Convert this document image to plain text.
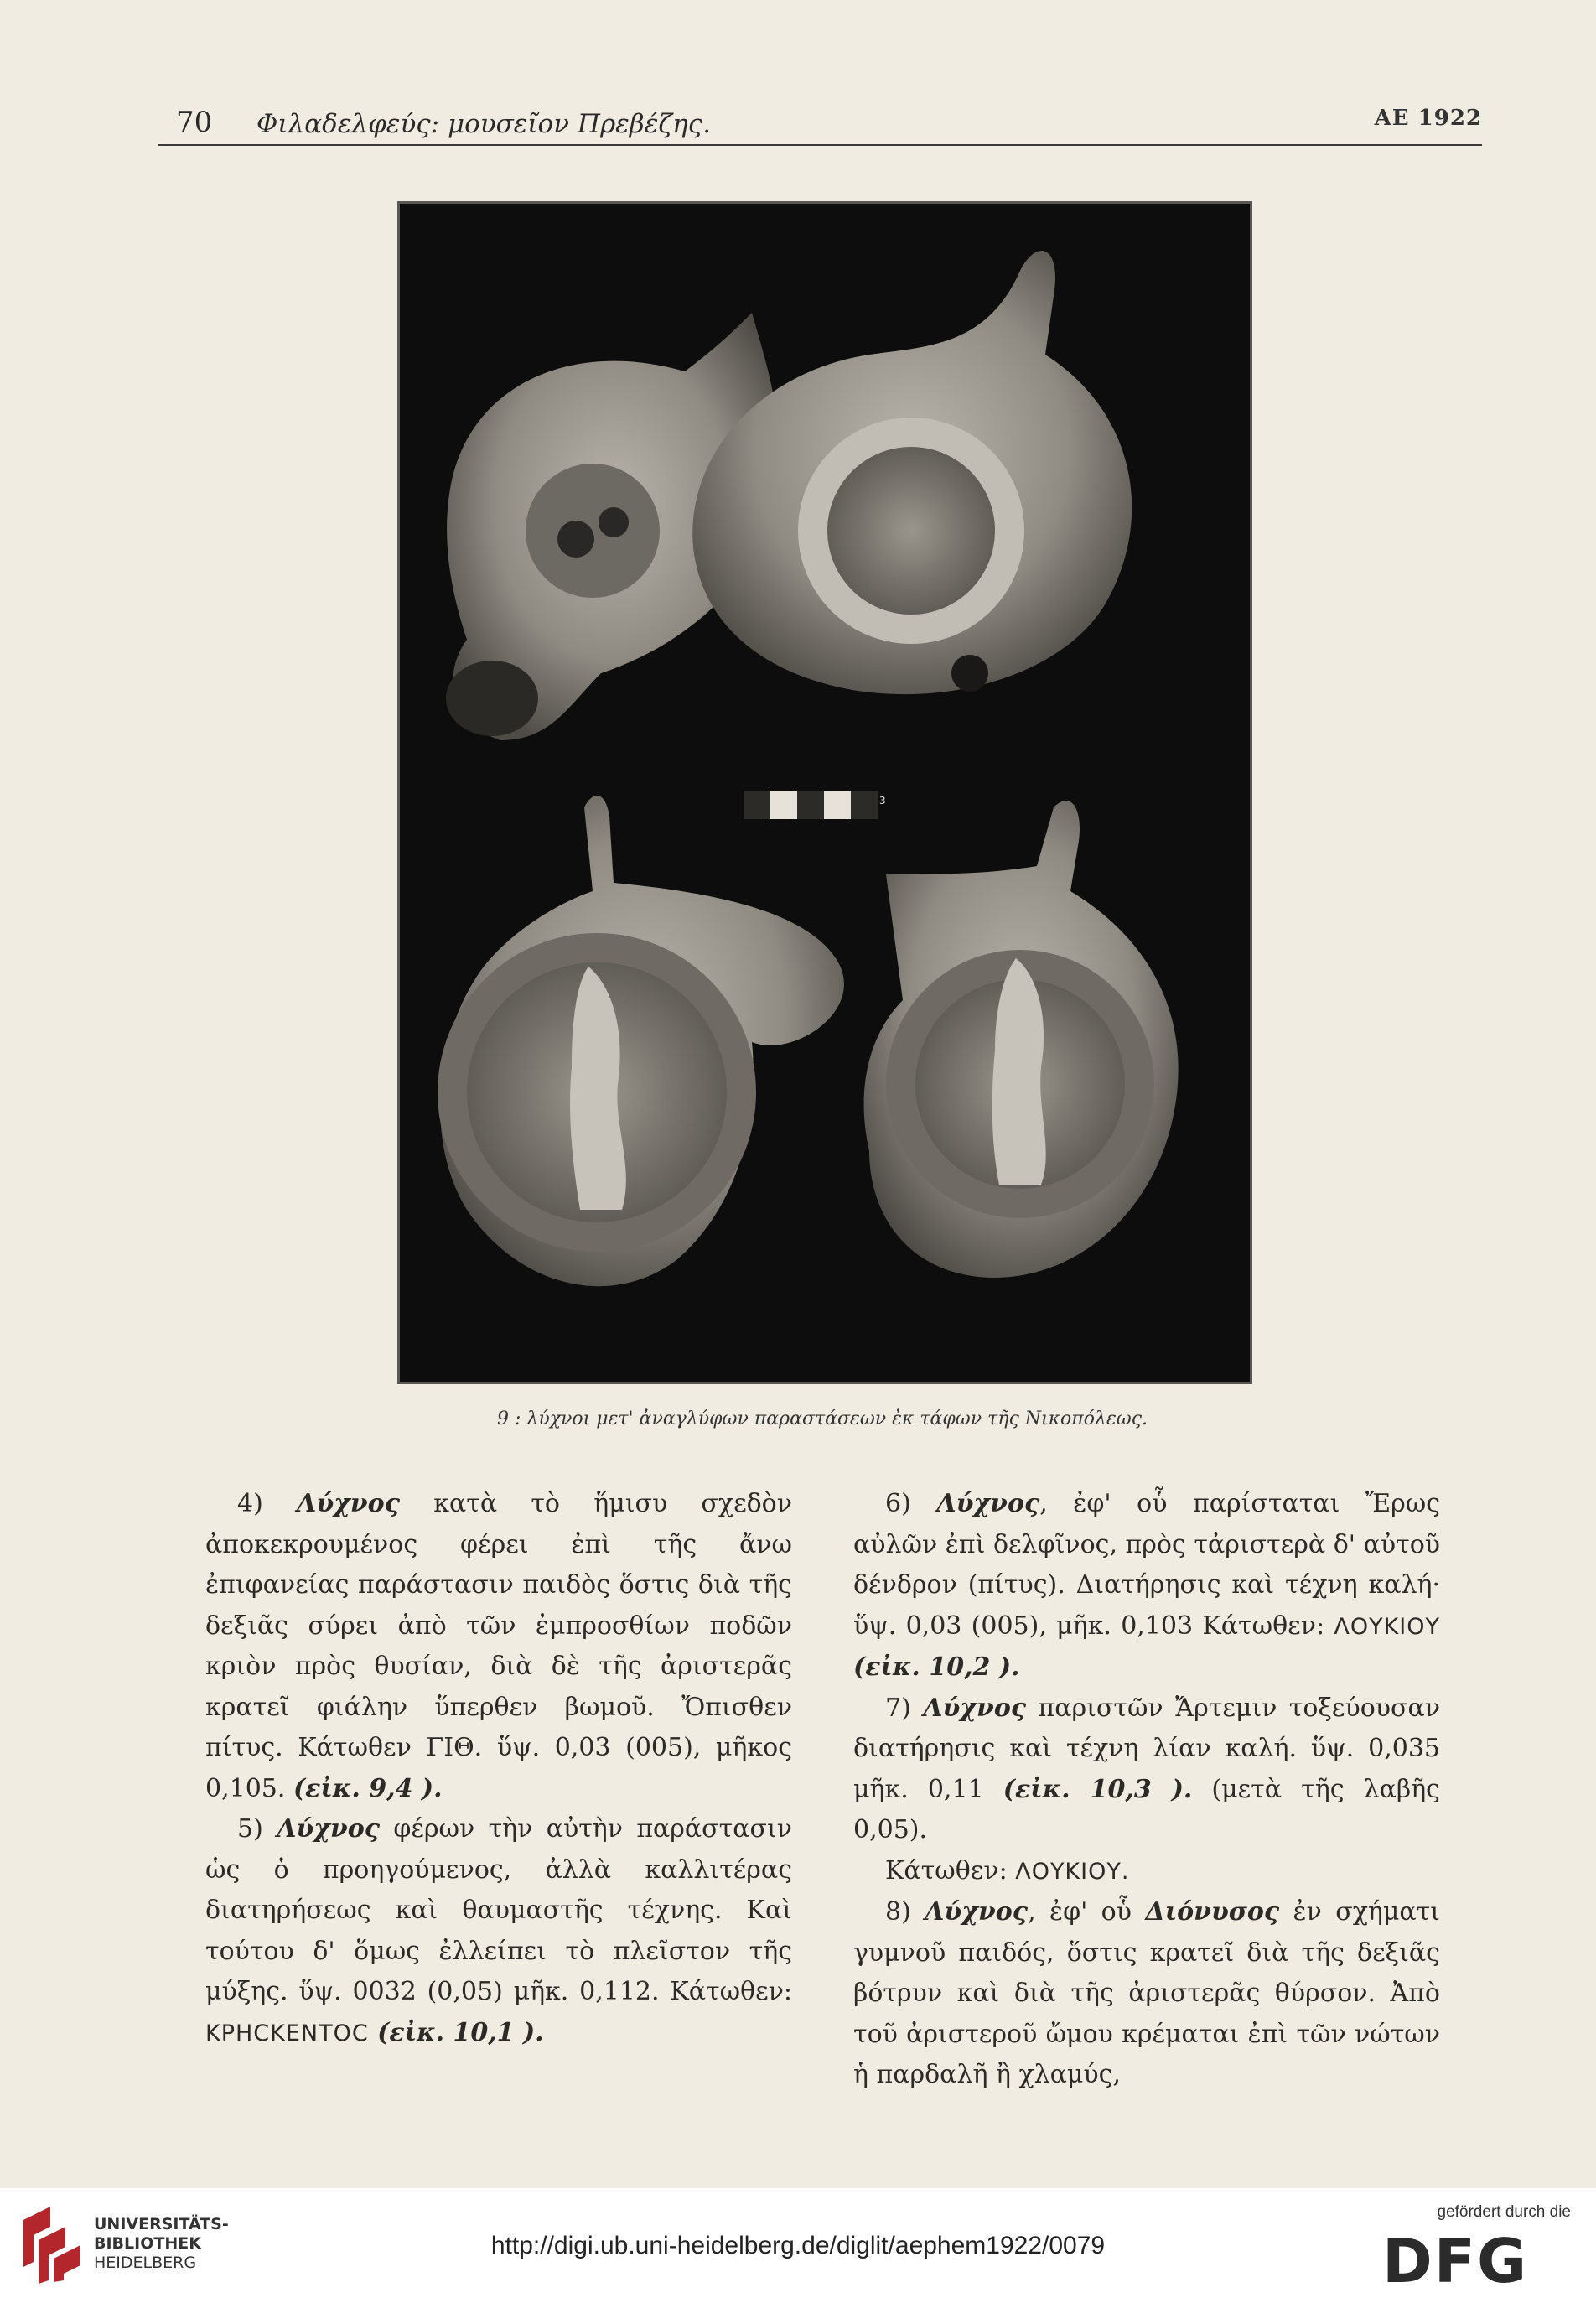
70 Φιλαδελφεύς: μουσεῖον Πρεβέζης.	ΑΕ 1922
3
9 : λύχνοι μετ' ἀναγλύφων παραστάσεων ἐκ τάφων τῆς Νικοπόλεως.

4) Λύχνος κατὰ τὸ ἥμισυ σχεδὸν ἀποκεκρουμένος φέρει ἐπὶ τῆς ἄνω ἐπιφανείας παράστασιν παιδὸς ὅστις διὰ τῆς δεξιᾶς σύρει ἀπὸ τῶν ἐμπροσθίων ποδῶν κριὸν πρὸς θυσίαν, διὰ δὲ τῆς ἀριστερᾶς κρατεῖ φιάλην ὕπερθεν βωμοῦ. Ὄπισθεν πίτυς. Κάτωθεν ΓΙΘ. ὕψ. 0,03 (005), μῆκος 0,105. (εἰκ. 9,4 ).

5) Λύχνος φέρων τὴν αὐτὴν παράστασιν ὡς ὁ προηγούμενος, ἀλλὰ καλλιτέρας διατηρήσεως καὶ θαυμαστῆς τέχνης. Καὶ τούτου δ' ὅμως ἐλλείπει τὸ πλεῖστον τῆς μύξης. ὕψ. 0032 (0,05) μῆκ. 0,112. Κάτωθεν: ΚΡΗCΚΕΝΤΟC (εἰκ. 10,1 ).

6) Λύχνος, ἐφ' οὗ παρίσταται Ἔρως αὐλῶν ἐπὶ δελφῖνος, πρὸς τἀριστερὰ δ' αὐτοῦ δένδρον (πίτυς). Διατήρησις καὶ τέχνη καλή· ὕψ. 0,03 (005), μῆκ. 0,103 Κάτωθεν: ΛΟΥΚΙΟΥ (εἰκ. 10,2 ).

7) Λύχνος παριστῶν Ἄρτεμιν τοξεύουσαν διατήρησις καὶ τέχνη λίαν καλή. ὕψ. 0,035 μῆκ. 0,11 (εἰκ. 10,3 ). (μετὰ τῆς λαβῆς 0,05).

Κάτωθεν: ΛΟΥΚΙΟΥ.

8) Λύχνος, ἐφ' οὗ Διόνυσος ἐν σχήματι γυμνοῦ παιδός, ὅστις κρατεῖ διὰ τῆς δεξιᾶς βότρυν καὶ διὰ τῆς ἀριστερᾶς θύρσον. Ἀπὸ τοῦ ἀριστεροῦ ὤμου κρέμαται ἐπὶ τῶν νώτων ἡ παρδαλῆ ἢ χλαμύς,

UNIVERSITÄTS-
BIBLIOTHEK
HEIDELBERG
http://digi.ub.uni-heidelberg.de/diglit/aephem1922/0079
gefördert durch die
DFG
